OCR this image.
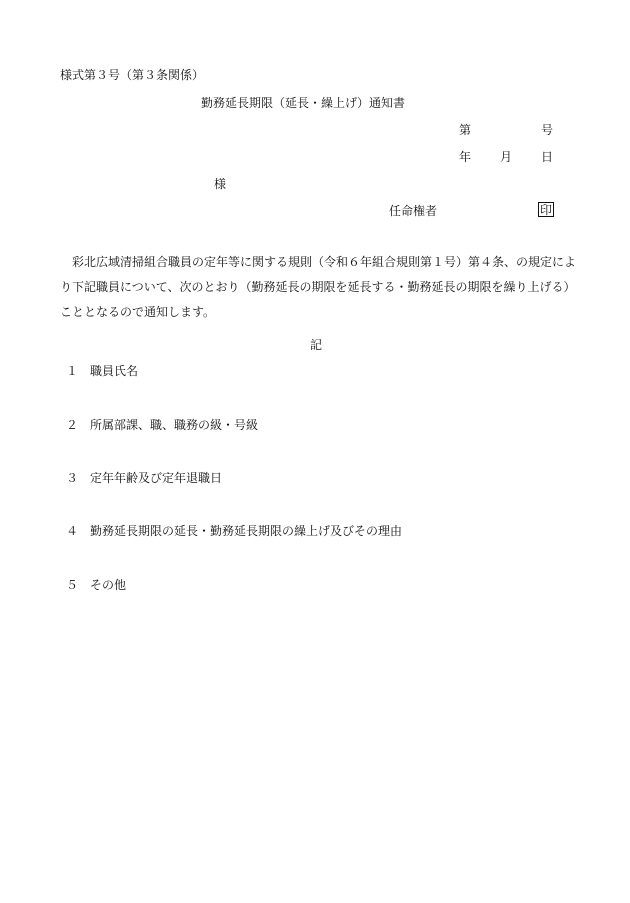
様式第３号（第３条関係）
勤務延長期限（延長・繰上げ）通知書
第	号
年 月 日
様
任命権者	印
彩北広域清掃組合職員の定年等に関する規則（令和６年組合規則第１号）第４条、の規定により下記職員について、次のとおり（勤務延長の期限を延長する・勤務延長の期限を繰り上げる）こととなるので通知します。
記
１ 職員氏名
２ 所属部課、職、職務の級・号級
３ 定年年齢及び定年退職日
４ 勤務延長期限の延長・勤務延長期限の繰上げ及びその理由
５ その他
